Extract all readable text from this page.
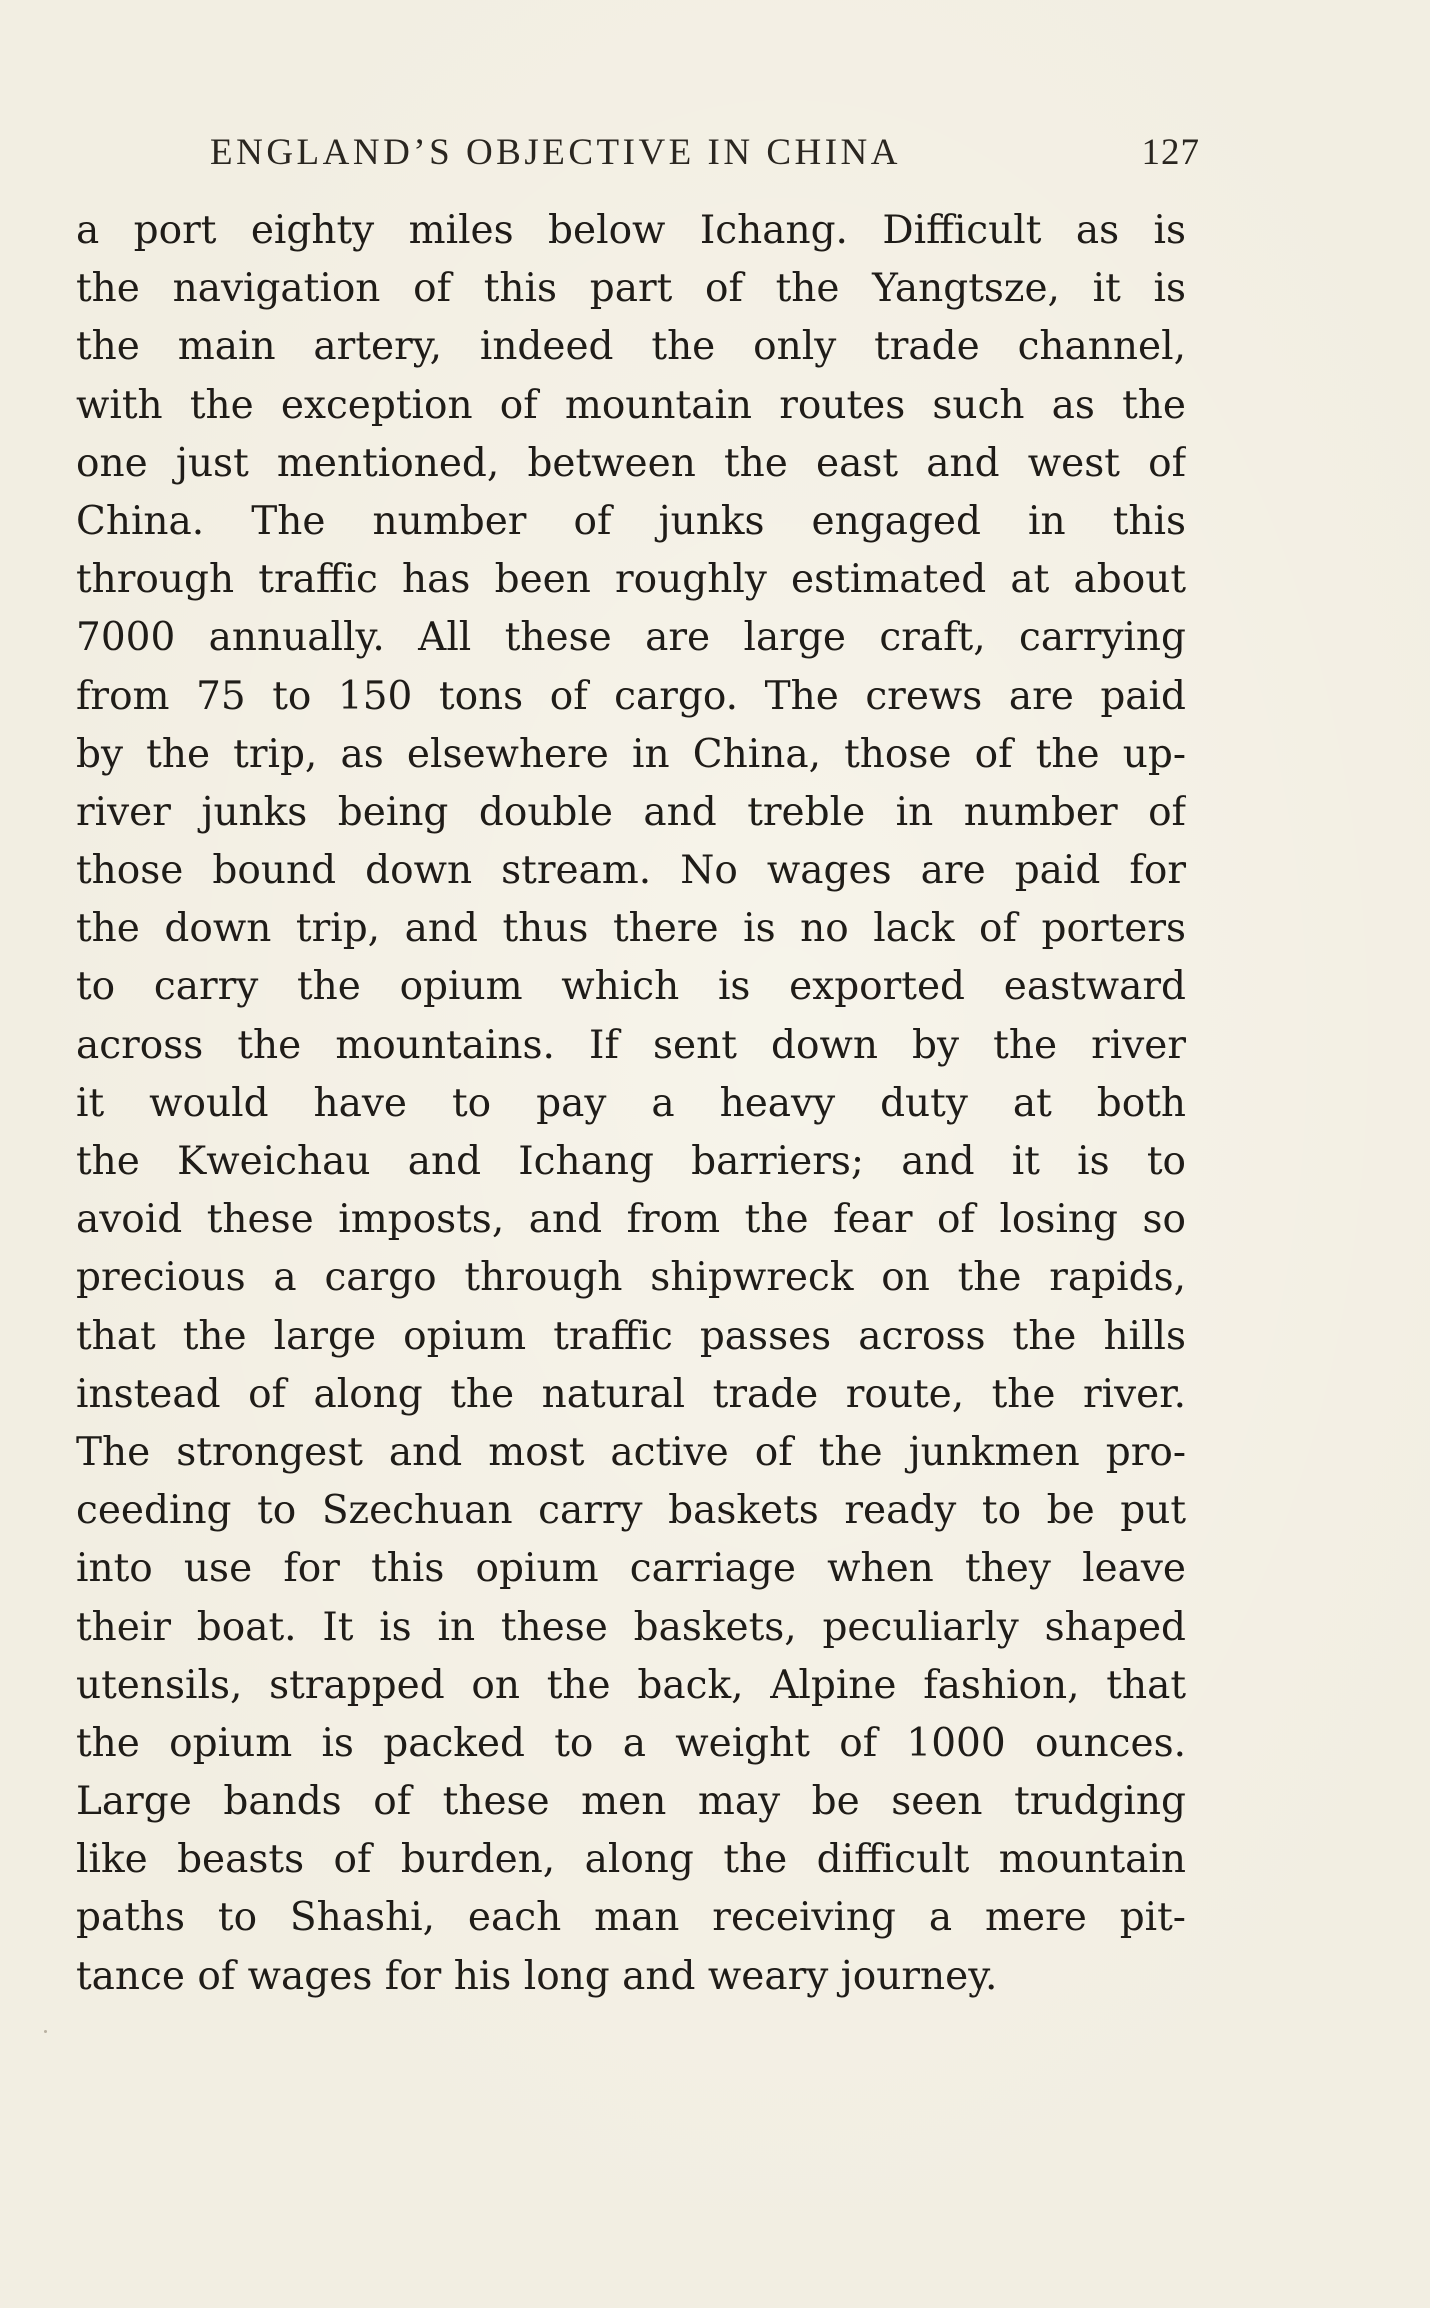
ENGLAND’S OBJECTIVE IN CHINA	127
a port eighty miles below Ichang. Difficult as is
the navigation of this part of the Yangtsze, it is
the main artery, indeed the only trade channel,
with the exception of mountain routes such as the
one just mentioned, between the east and west of
China. The number of junks engaged in this
through traffic has been roughly estimated at about
7000 annually. All these are large craft, carrying
from 75 to 150 tons of cargo. The crews are paid
by the trip, as elsewhere in China, those of the up-
river junks being double and treble in number of
those bound down stream. No wages are paid for
the down trip, and thus there is no lack of porters
to carry the opium which is exported eastward
across the mountains. If sent down by the river
it would have to pay a heavy duty at both
the Kweichau and Ichang barriers; and it is to
avoid these imposts, and from the fear of losing so
precious a cargo through shipwreck on the rapids,
that the large opium traffic passes across the hills
instead of along the natural trade route, the river.
The strongest and most active of the junkmen pro-
ceeding to Szechuan carry baskets ready to be put
into use for this opium carriage when they leave
their boat. It is in these baskets, peculiarly shaped
utensils, strapped on the back, Alpine fashion, that
the opium is packed to a weight of 1000 ounces.
Large bands of these men may be seen trudging
like beasts of burden, along the difficult mountain
paths to Shashi, each man receiving a mere pit-
tance of wages for his long and weary journey.
